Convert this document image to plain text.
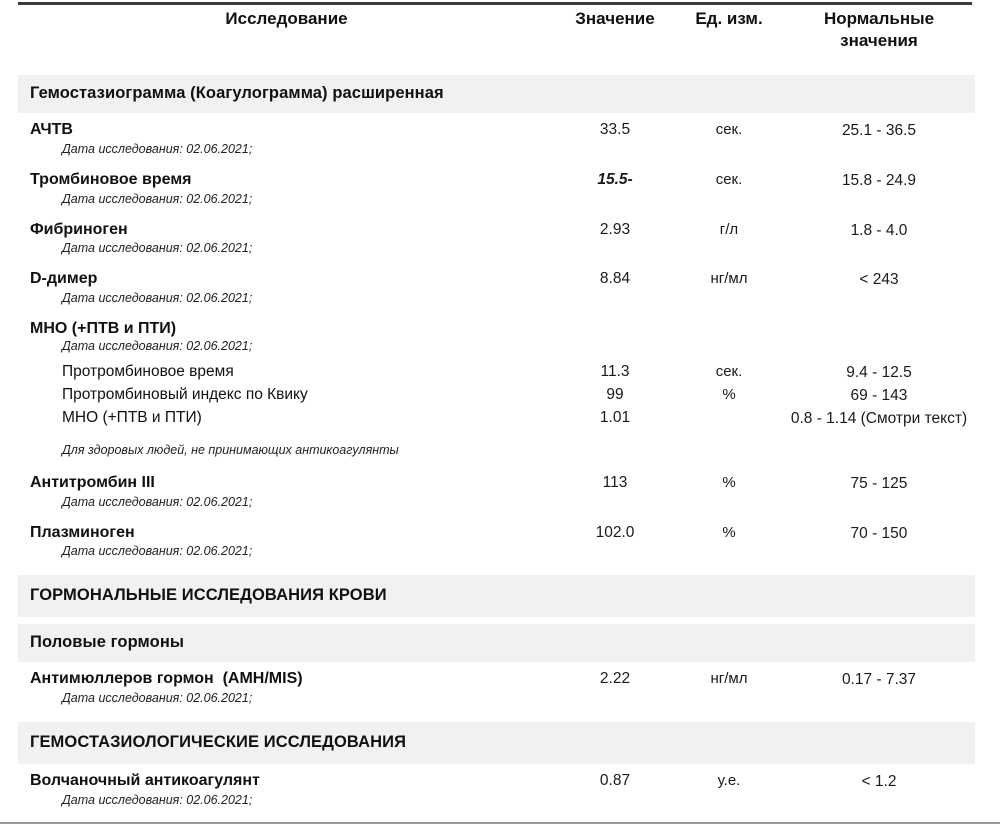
Исследование	Значение	Ед. изм.	Нормальные
значения
Гемостазиограмма (Коагулограмма) расширенная			
АЧТВ	33.5	сек.	25.1 - 36.5
Дата исследования: 02.06.2021;			
Тромбиновое время	15.5-	сек.	15.8 - 24.9
Дата исследования: 02.06.2021;			
Фибриноген	2.93	г/л	1.8 - 4.0
Дата исследования: 02.06.2021;			
D-димер	8.84	нг/мл	< 243
Дата исследования: 02.06.2021;			
МНО (+ПТВ и ПТИ)			
Дата исследования: 02.06.2021;			
Протромбиновое время	11.3	сек.	9.4 - 12.5
Протромбиновый индекс по Квику	99	%	69 - 143
МНО (+ПТВ и ПТИ)	1.01		0.8 - 1.14 (Смотри текст)
Для здоровых людей, не принимающих антикоагулянты			
Антитромбин III	113	%	75 - 125
Дата исследования: 02.06.2021;			
Плазминоген	102.0	%	70 - 150
Дата исследования: 02.06.2021;			

ГОРМОНАЛЬНЫЕ ИССЛЕДОВАНИЯ КРОВИ			

Половые гормоны			
Антимюллеров гормон  (AMH/MIS)	2.22	нг/мл	0.17 - 7.37
Дата исследования: 02.06.2021;			

ГЕМОСТАЗИОЛОГИЧЕСКИЕ ИССЛЕДОВАНИЯ			
Волчаночный антикоагулянт	0.87	у.е.	< 1.2
Дата исследования: 02.06.2021;			
